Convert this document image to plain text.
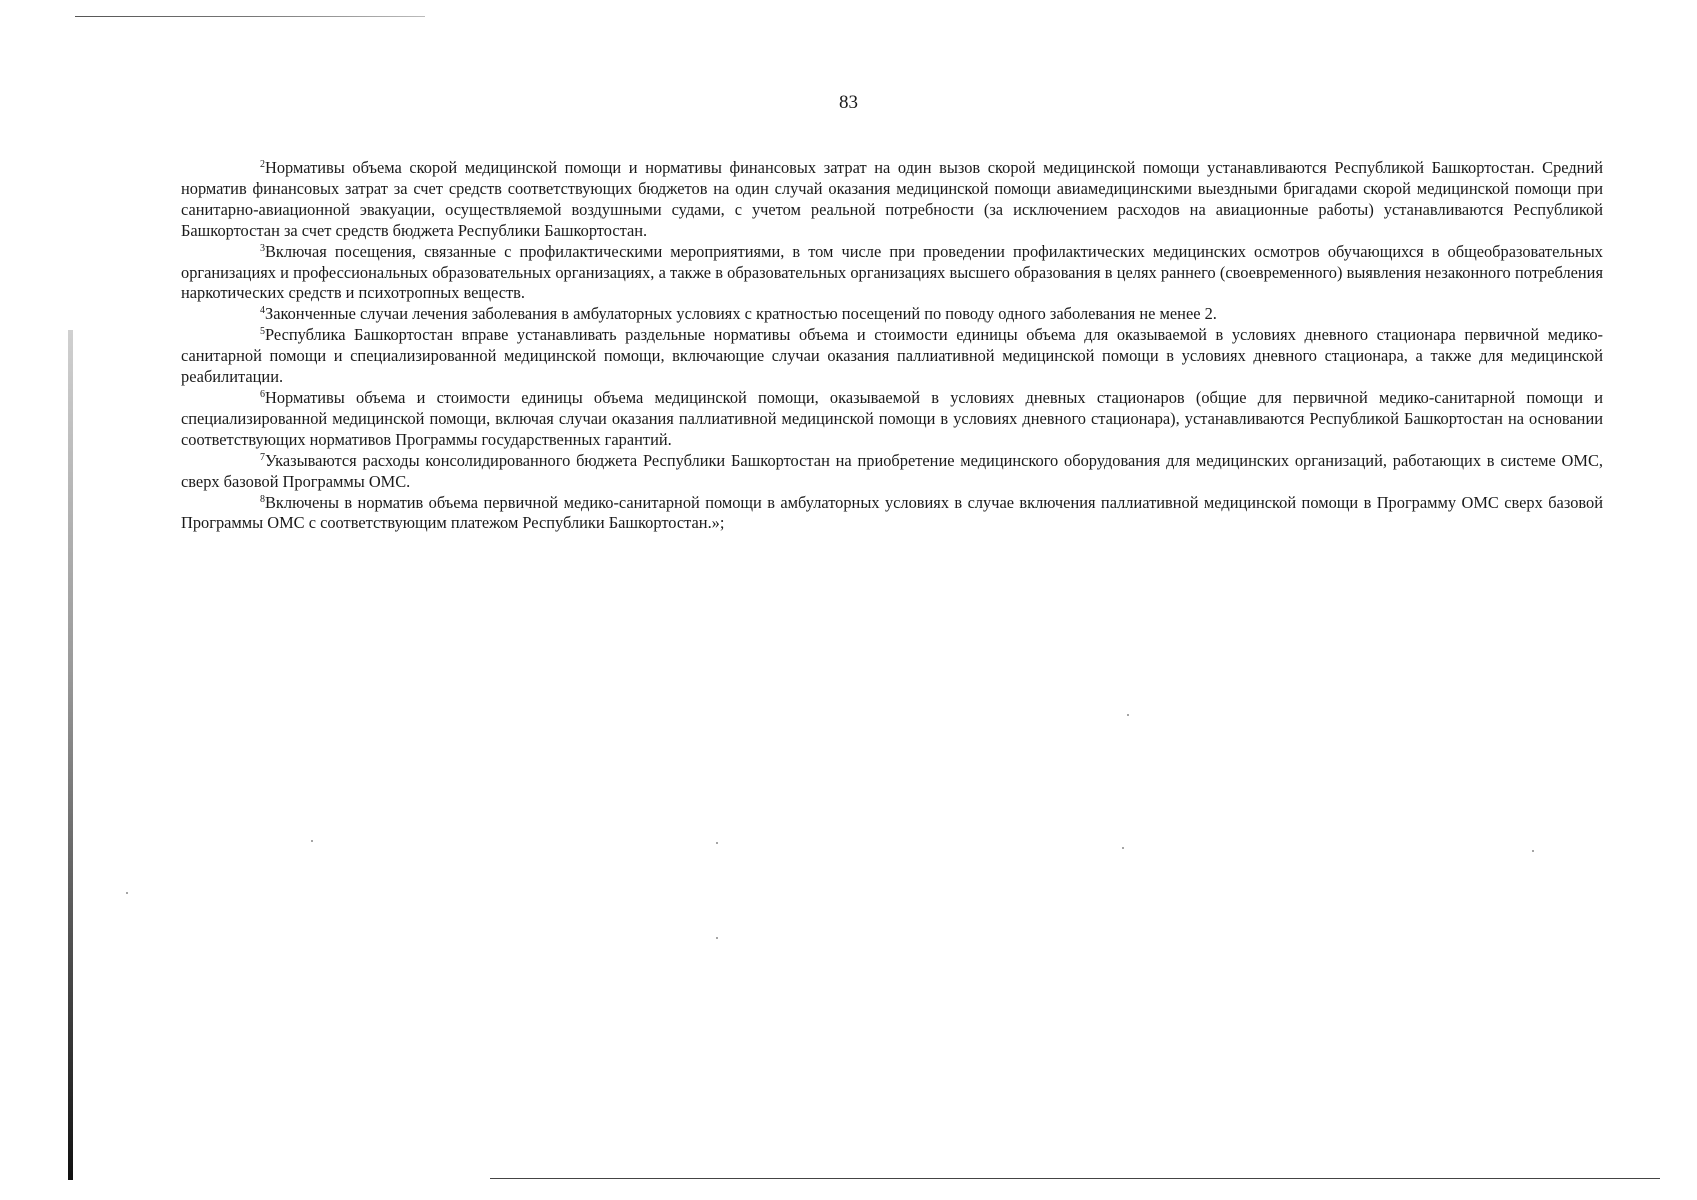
83

$^2$Нормативы объема скорой медицинской помощи и нормативы финансовых затрат на один вызов скорой медицинской помощи устанавливаются Республикой Башкортостан. Средний норматив финансовых затрат за счет средств соответствующих бюджетов на один случай оказания медицинской помощи авиамедицинскими выездными бригадами скорой медицинской помощи при санитарно-авиационной эвакуации, осуществляемой воздушными судами, с учетом реальной потребности (за исключением расходов на авиационные работы) устанавливаются Республикой Башкортостан за счет средств бюджета Республики Башкортостан.

$^3$Включая посещения, связанные с профилактическими мероприятиями, в том числе при проведении профилактических медицинских осмотров обучающихся в общеобразовательных организациях и профессиональных образовательных организациях, а также в образовательных организациях высшего образования в целях раннего (своевременного) выявления незаконного потребления наркотических средств и психотропных веществ.

$^4$Законченные случаи лечения заболевания в амбулаторных условиях с кратностью посещений по поводу одного заболевания не менее 2.

$^5$Республика Башкортостан вправе устанавливать раздельные нормативы объема и стоимости единицы объема для оказываемой в условиях дневного стационара первичной медико-санитарной помощи и специализированной медицинской помощи, включающие случаи оказания паллиативной медицинской помощи в условиях дневного стационара, а также для медицинской реабилитации.

$^6$Нормативы объема и стоимости единицы объема медицинской помощи, оказываемой в условиях дневных стационаров (общие для первичной медико-санитарной помощи и специализированной медицинской помощи, включая случаи оказания паллиативной медицинской помощи в условиях дневного стационара), устанавливаются Республикой Башкортостан на основании соответствующих нормативов Программы государственных гарантий.

$^7$Указываются расходы консолидированного бюджета Республики Башкортостан на приобретение медицинского оборудования для медицинских организаций, работающих в системе ОМС, сверх базовой Программы ОМС.

$^8$Включены в норматив объема первичной медико-санитарной помощи в амбулаторных условиях в случае включения паллиативной медицинской помощи в Программу ОМС сверх базовой Программы ОМС с соответствующим платежом Республики Башкортостан.»;
